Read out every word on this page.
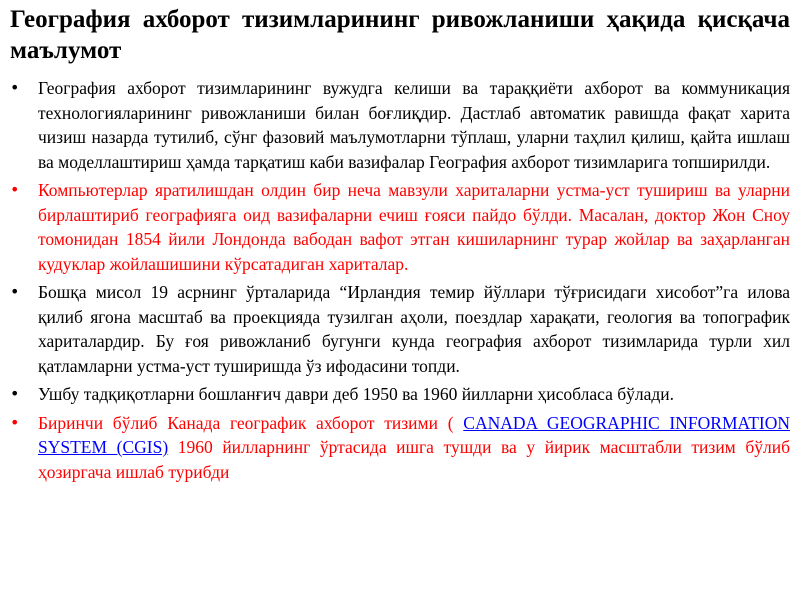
География ахборот тизимларининг ривожланиши ҳақида қисқача маълумот
• География ахборот тизимларининг вужудга келиши ва тараққиёти ахборот ва коммуникация технологияларининг ривожланиши билан боғлиқдир. Дастлаб автоматик равишда фақат харита чизиш назарда тутилиб, сўнг фазовий маълумотларни тўплаш, уларни таҳлил қилиш, қайта ишлаш ва моделлаштириш ҳамда тарқатиш каби вазифалар География ахборот тизимларига топширилди.
• Компьютерлар яратилишдан олдин бир неча мавзули хариталарни устма-уст тушириш ва уларни бирлаштириб географияга оид вазифаларни ечиш ғояси пайдо бўлди. Масалан, доктор Жон Сноу томонидан 1854 йили Лондонда вабодан вафот этган кишиларнинг турар жойлар ва заҳарланган кудуклар жойлашишини кўрсатадиган хариталар.
• Бошқа мисол 19 асрнинг ўрталарида “Ирландия темир йўллари тўғрисидаги хисобот”га илова қилиб ягона масштаб ва проекцияда тузилган аҳоли, поездлар харақати, геология ва топографик хариталардир. Бу ғоя ривожланиб бугунги кунда география ахборот тизимларида турли хил қатламларни устма-уст туширишда ўз ифодасини топди.
• Ушбу тадқиқотларни бошланғич даври деб 1950 ва 1960 йилларни ҳисобласа бўлади.
• Биринчи бўлиб Канада географик ахборот тизими ( CANADA GEOGRAPHIC INFORMATION SYSTEM (CGIS) 1960 йилларнинг ўртасида ишга тушди ва у йирик масштабли тизим бўлиб ҳозиргача ишлаб турибди
